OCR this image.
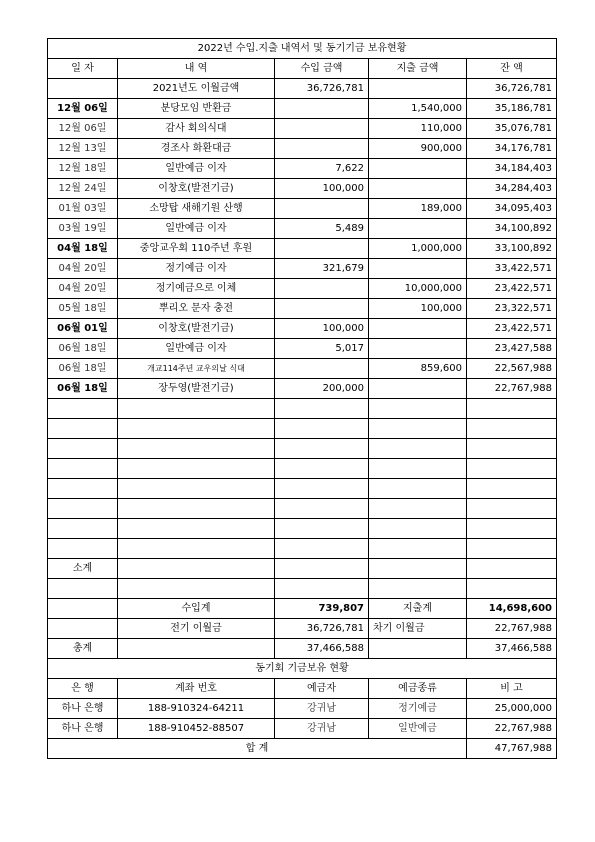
2022년 수입.지출 내역서 및 동기기금 보유현황				
일 자	내 역	수입 금액	지출 금액	잔 액
	2021년도 이월금액	36,726,781		36,726,781
12월 06일	분당모임 반환금		1,540,000	35,186,781
12월 06일	감사 회의식대		110,000	35,076,781
12월 13일	경조사 화환대금		900,000	34,176,781
12월 18일	일반예금 이자	7,622		34,184,403
12월 24일	이창호(발전기금)	100,000		34,284,403
01월 03일	소망탑 새해기원 산행		189,000	34,095,403
03월 19일	일반예금 이자	5,489		34,100,892
04월 18일	중앙교우회 110주년 후원		1,000,000	33,100,892
04월 20일	정기예금 이자	321,679		33,422,571
04월 20일	정기예금으로 이체		10,000,000	23,422,571
05월 18일	뿌리오 문자 충전		100,000	23,322,571
06월 01일	이창호(발전기금)	100,000		23,422,571
06월 18일	일반예금 이자	5,017		23,427,588
06월 18일	개교114주년 교우의날 식대		859,600	22,567,988
06월 18일	장두영(발전기금)	200,000		22,767,988

소계				

	수입계	739,807	지출계	14,698,600
	전기 이월금	36,726,781	차기 이월금	22,767,988
총계		37,466,588		37,466,588
동기회 기금보유 현황				
은 행	계좌 번호	예금자	예금종류	비 고
하나 은행	188-910324-64211	강귀남	정기예금	25,000,000
하나 은행	188-910452-88507	강귀남	일반예금	22,767,988
합 계				47,767,988
